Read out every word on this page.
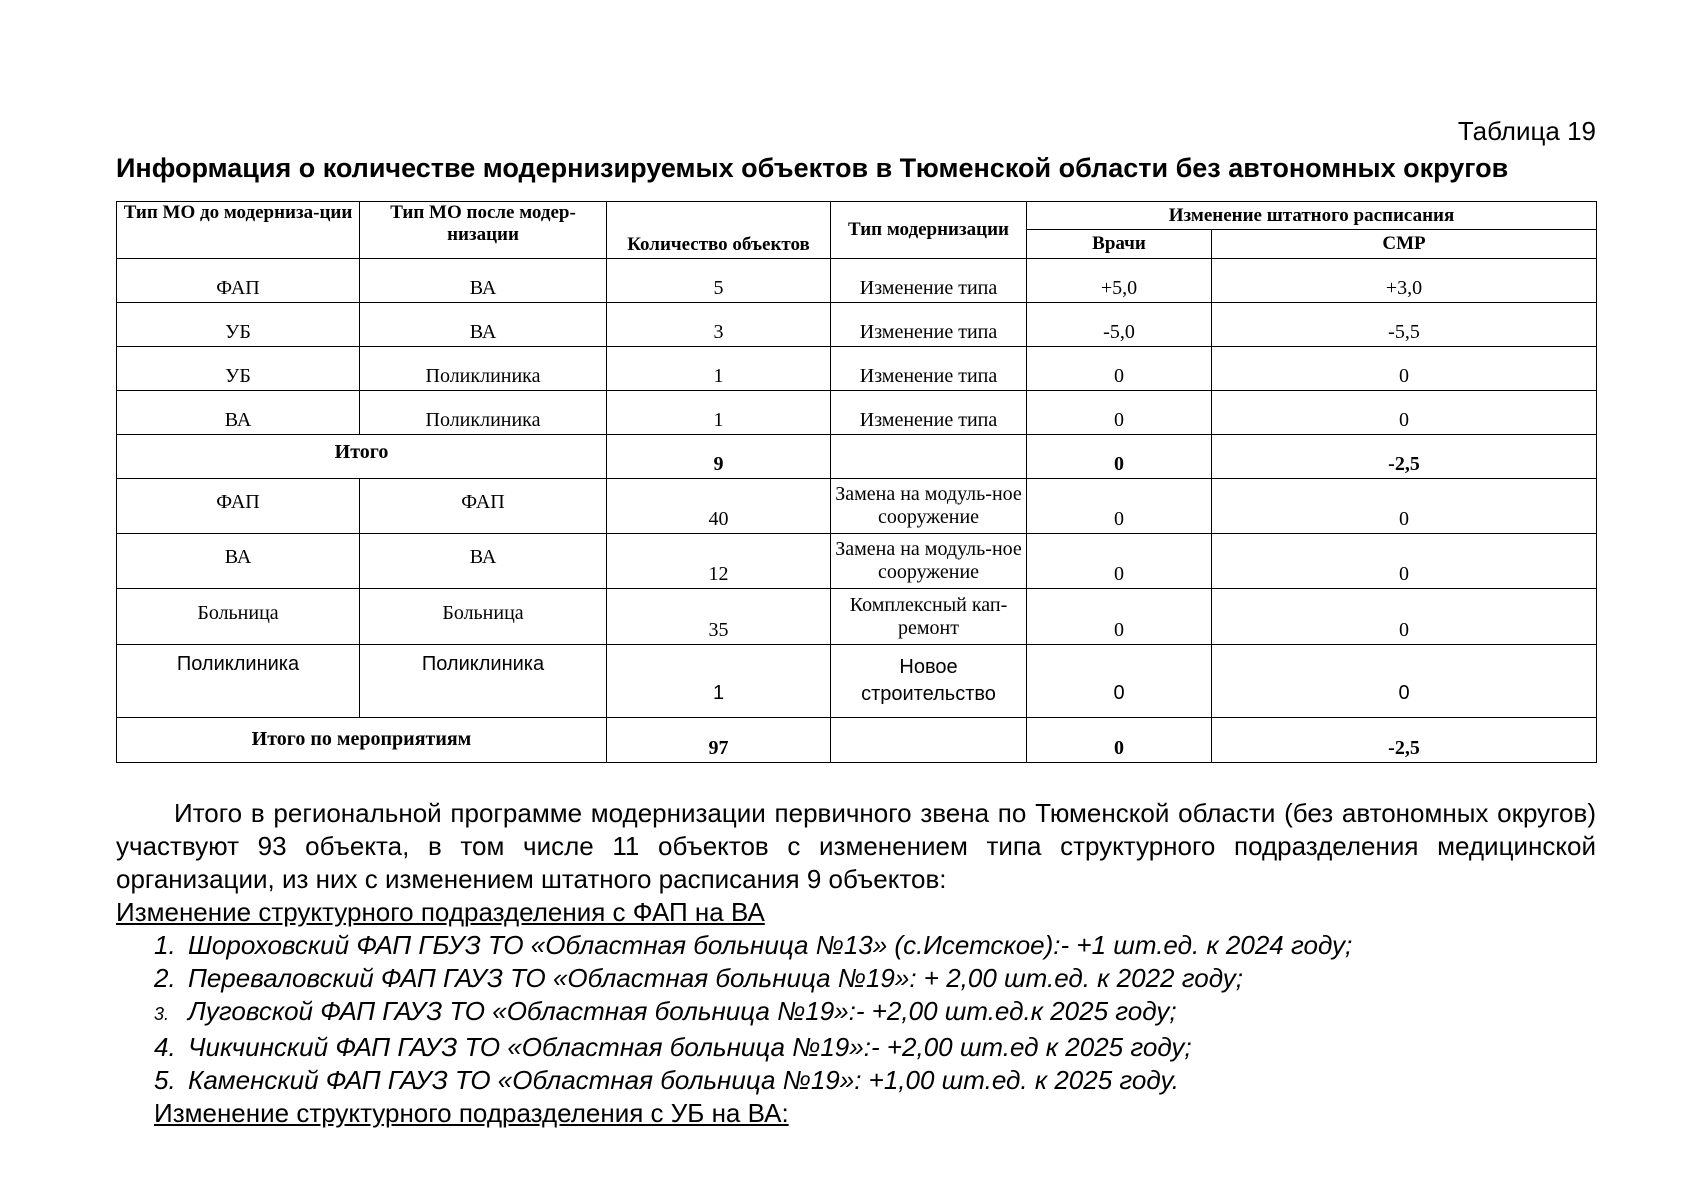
Таблица 19
Информация о количестве модернизируемых объектов в Тюменской области без автономных округов
Тип МО до модерниза-ции	Тип МО после модер-низации	Количество объектов	Тип модернизации	Изменение штатного расписания	
				Врачи	СМР
ФАП	ВА	5	Изменение типа	+5,0	+3,0
УБ	ВА	3	Изменение типа	-5,0	-5,5
УБ	Поликлиника	1	Изменение типа	0	0
ВА	Поликлиника	1	Изменение типа	0	0
Итого		9		0	-2,5
ФАП	ФАП	40	Замена на модуль-ное сооружение	0	0
ВА	ВА	12	Замена на модуль-ное сооружение	0	0
Больница	Больница	35	Комплексный кап-ремонт	0	0
Поликлиника	Поликлиника	1	Новое строительство	0	0
Итого по мероприятиям		97		0	-2,5

Итого в региональной программе модернизации первичного звена по Тюменской области (без автономных округов) участвуют 93 объекта, в том числе 11 объектов с изменением типа структурного подразделения медицинской организации, из них с изменением штатного расписания 9 объектов:

Изменение структурного подразделения с ФАП на ВА

1. Шороховский ФАП ГБУЗ ТО «Областная больница №13» (с.Исетское):- +1 шт.ед. к 2024 году;
2. Переваловский ФАП ГАУЗ ТО «Областная больница №19»: + 2,00 шт.ед. к 2022 году;
3. Луговской ФАП ГАУЗ ТО «Областная больница №19»:- +2,00 шт.ед.к 2025 году;
4. Чикчинский ФАП ГАУЗ ТО «Областная больница №19»:- +2,00 шт.ед к 2025 году;
5. Каменский ФАП ГАУЗ ТО «Областная больница №19»: +1,00 шт.ед. к 2025 году.

Изменение структурного подразделения с УБ на ВА:
